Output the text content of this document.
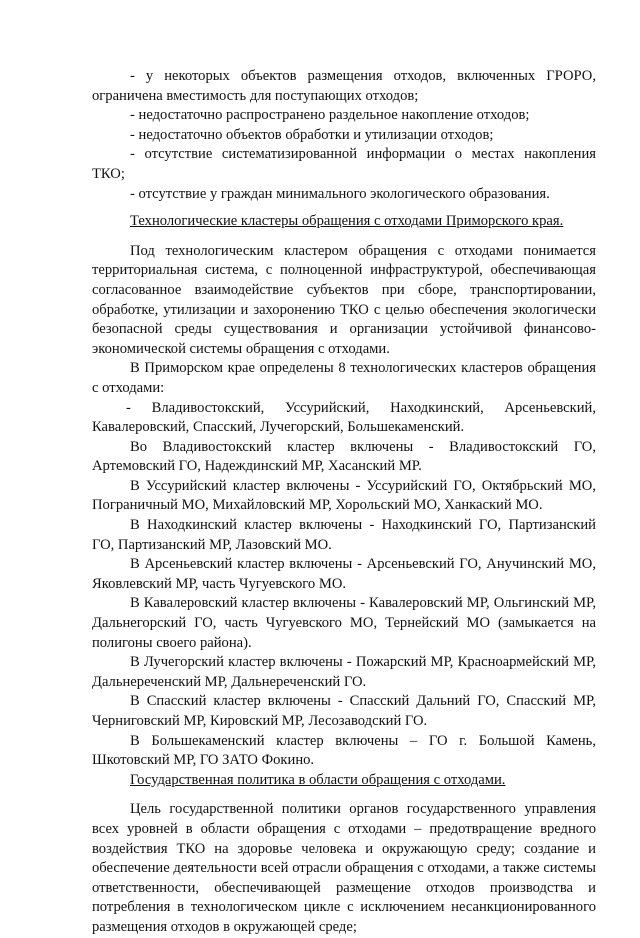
- у некоторых объектов размещения отходов, включенных ГРОРО, ограничена вместимость для поступающих отходов;

- недостаточно распространено раздельное накопление отходов;

- недостаточно объектов обработки и утилизации отходов;

- отсутствие систематизированной информации о местах накопления ТКО;

- отсутствие у граждан минимального экологического образования.

Технологические кластеры обращения с отходами Приморского края.

Под технологическим кластером обращения с отходами понимается территориальная система, с полноценной инфраструктурой, обеспечивающая согласованное взаимодействие субъектов при сборе, транспортировании, обработке, утилизации и захоронению ТКО с целью обеспечения экологически безопасной среды существования и организации устойчивой финансово-экономической системы обращения с отходами.

В Приморском крае определены 8 технологических кластеров обращения с отходами:

- Владивостокский, Уссурийский, Находкинский, Арсеньевский, Кавалеровский, Спасский, Лучегорский, Большекаменский.

Во Владивостокский кластер включены - Владивостокский ГО, Артемовский ГО, Надеждинский МР, Хасанский МР.

В Уссурийский кластер включены - Уссурийский ГО, Октябрьский МО, Пограничный МО, Михайловский МР, Хорольский МО, Ханкаский МО.

В Находкинский кластер включены - Находкинский ГО, Партизанский ГО, Партизанский МР, Лазовский МО.

В Арсеньевский кластер включены - Арсеньевский ГО, Анучинский МО, Яковлевский МР, часть Чугуевского МО.

В Кавалеровский кластер включены - Кавалеровский МР, Ольгинский МР, Дальнегорский ГО, часть Чугуевского МО, Тернейский МО (замыкается на полигоны своего района).

В Лучегорский кластер включены - Пожарский МР, Красноармейский МР, Дальнереченский МР, Дальнереченский ГО.

В Спасский кластер включены - Спасский Дальний ГО, Спасский МР, Черниговский МР, Кировский МР, Лесозаводский ГО.

В Большекаменский кластер включены – ГО г. Большой Камень, Шкотовский МР, ГО ЗАТО Фокино.

Государственная политика в области обращения с отходами.

Цель государственной политики органов государственного управления всех уровней в области обращения с отходами – предотвращение вредного воздействия ТКО на здоровье человека и окружающую среду; создание и обеспечение деятельности всей отрасли обращения с отходами, а также системы ответственности, обеспечивающей размещение отходов производства и потребления в технологическом цикле с исключением несанкционированного размещения отходов в окружающей среде;
